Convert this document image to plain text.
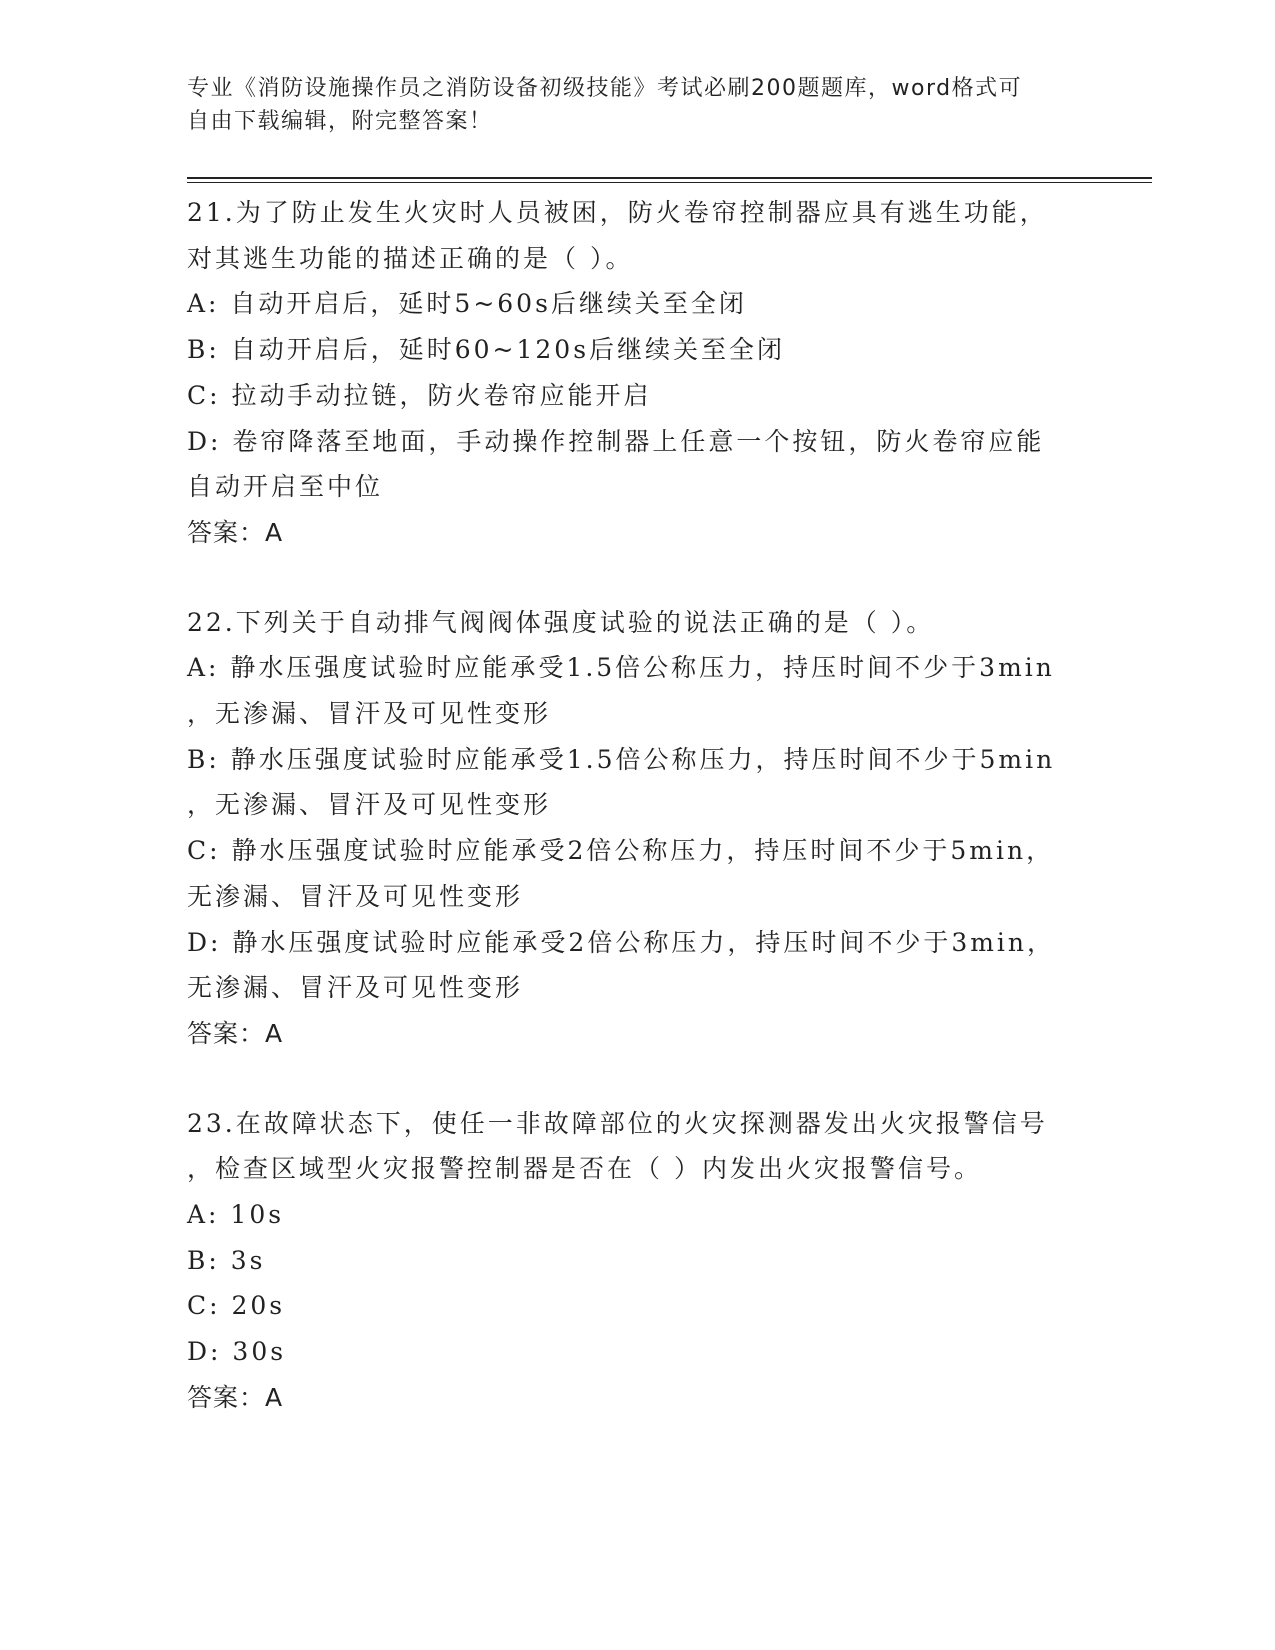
专业《消防设施操作员之消防设备初级技能》考试必刷200题题库，word格式可
自由下载编辑，附完整答案！
21.为了防止发生火灾时人员被困，防火卷帘控制器应具有逃生功能，
对其逃生功能的描述正确的是（ ）。
A: 自动开启后，延时5~60s后继续关至全闭
B: 自动开启后，延时60~120s后继续关至全闭
C: 拉动手动拉链，防火卷帘应能开启
D: 卷帘降落至地面，手动操作控制器上任意一个按钮，防火卷帘应能
自动开启至中位
答案：A
22.下列关于自动排气阀阀体强度试验的说法正确的是（ ）。
A: 静水压强度试验时应能承受1.5倍公称压力，持压时间不少于3min
，无渗漏、冒汗及可见性变形
B: 静水压强度试验时应能承受1.5倍公称压力，持压时间不少于5min
，无渗漏、冒汗及可见性变形
C: 静水压强度试验时应能承受2倍公称压力，持压时间不少于5min，
无渗漏、冒汗及可见性变形
D: 静水压强度试验时应能承受2倍公称压力，持压时间不少于3min，
无渗漏、冒汗及可见性变形
答案：A
23.在故障状态下，使任一非故障部位的火灾探测器发出火灾报警信号
，检查区域型火灾报警控制器是否在（ ）内发出火灾报警信号。
A: 10s
B: 3s
C: 20s
D: 30s
答案：A
